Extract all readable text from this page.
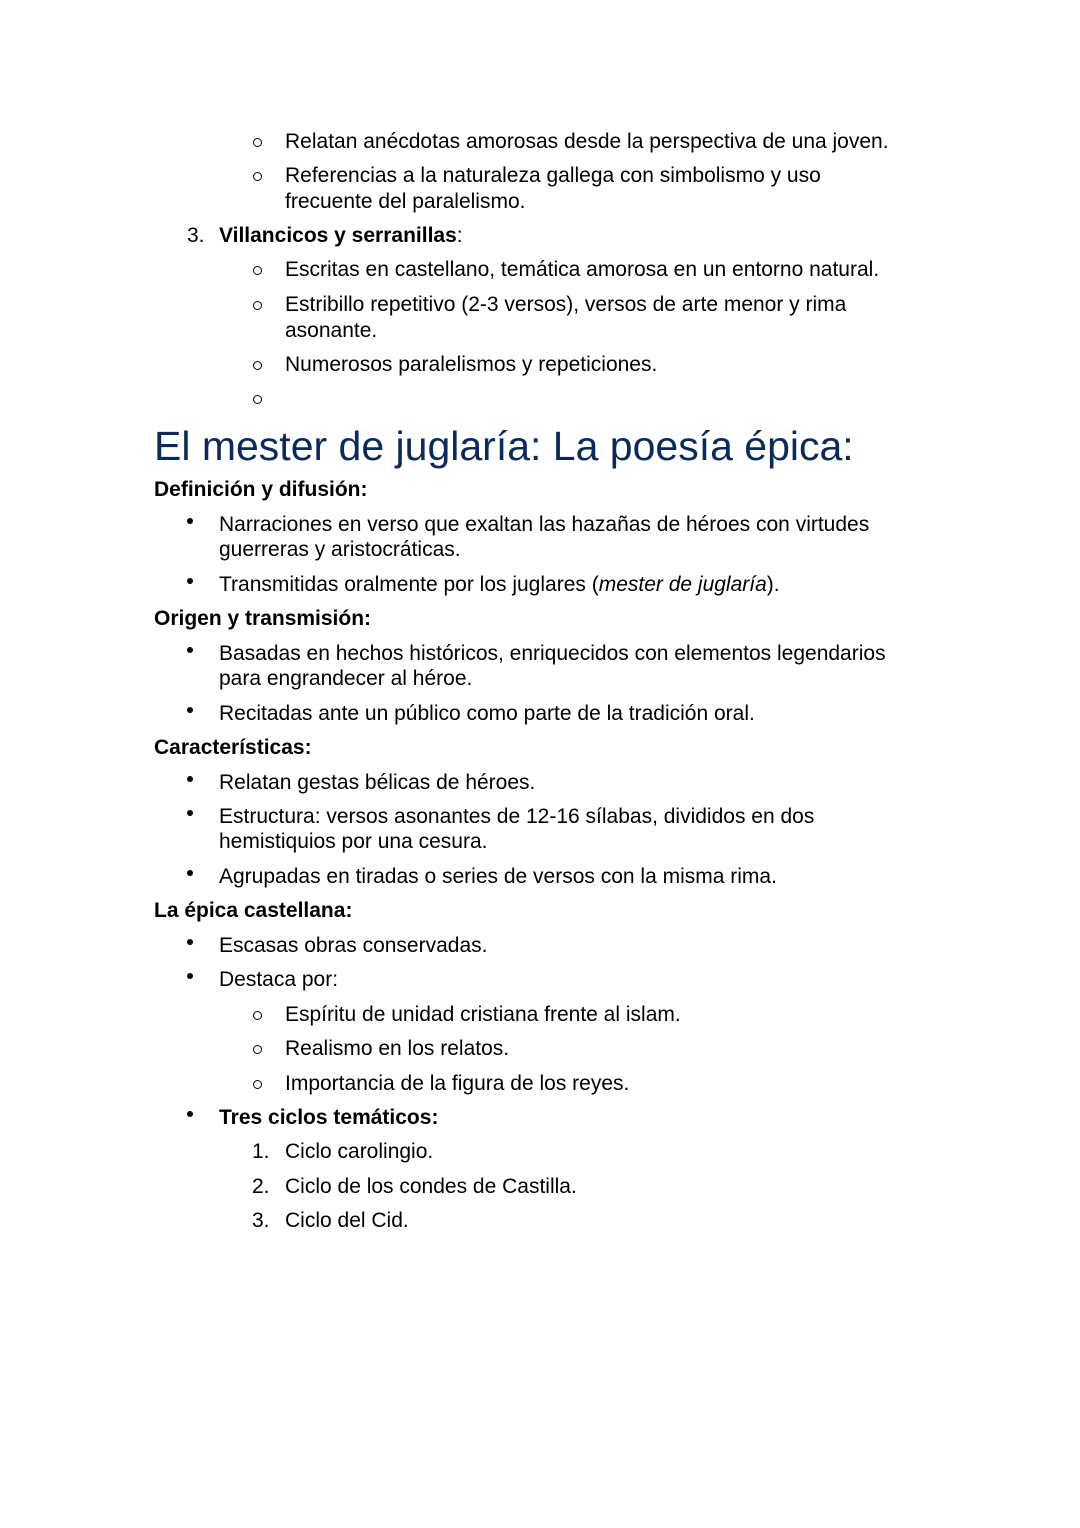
Relatan anécdotas amorosas desde la perspectiva de una joven.
Referencias a la naturaleza gallega con simbolismo y uso
frecuente del paralelismo.
3. Villancicos y serranillas:
Escritas en castellano, temática amorosa en un entorno natural.
Estribillo repetitivo (2-3 versos), versos de arte menor y rima
asonante.
Numerosos paralelismos y repeticiones.
El mester de juglaría: La poesía épica:
Definición y difusión:
Narraciones en verso que exaltan las hazañas de héroes con virtudes
guerreras y aristocráticas.
Transmitidas oralmente por los juglares (mester de juglaría).
Origen y transmisión:
Basadas en hechos históricos, enriquecidos con elementos legendarios
para engrandecer al héroe.
Recitadas ante un público como parte de la tradición oral.
Características:
Relatan gestas bélicas de héroes.
Estructura: versos asonantes de 12-16 sílabas, divididos en dos
hemistiquios por una cesura.
Agrupadas en tiradas o series de versos con la misma rima.
La épica castellana:
Escasas obras conservadas.
Destaca por:
Espíritu de unidad cristiana frente al islam.
Realismo en los relatos.
Importancia de la figura de los reyes.
Tres ciclos temáticos:
1. Ciclo carolingio.
2. Ciclo de los condes de Castilla.
3. Ciclo del Cid.
